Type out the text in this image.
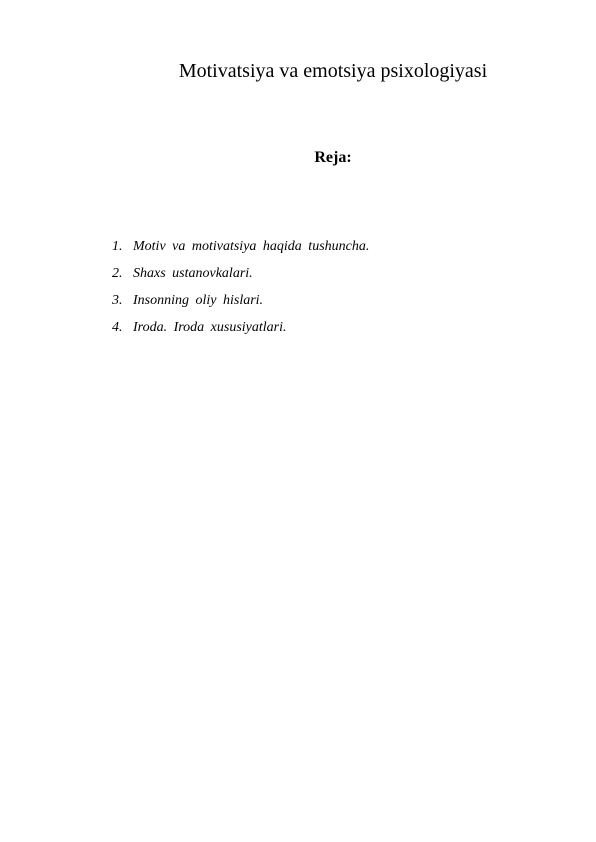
Motivatsiya va emotsiya psixologiyasi
Reja:
1. Motiv va motivatsiya haqida tushuncha.
2. Shaxs ustanovkalari.
3. Insonning oliy hislari.
4. Iroda. Iroda xususiyatlari.
